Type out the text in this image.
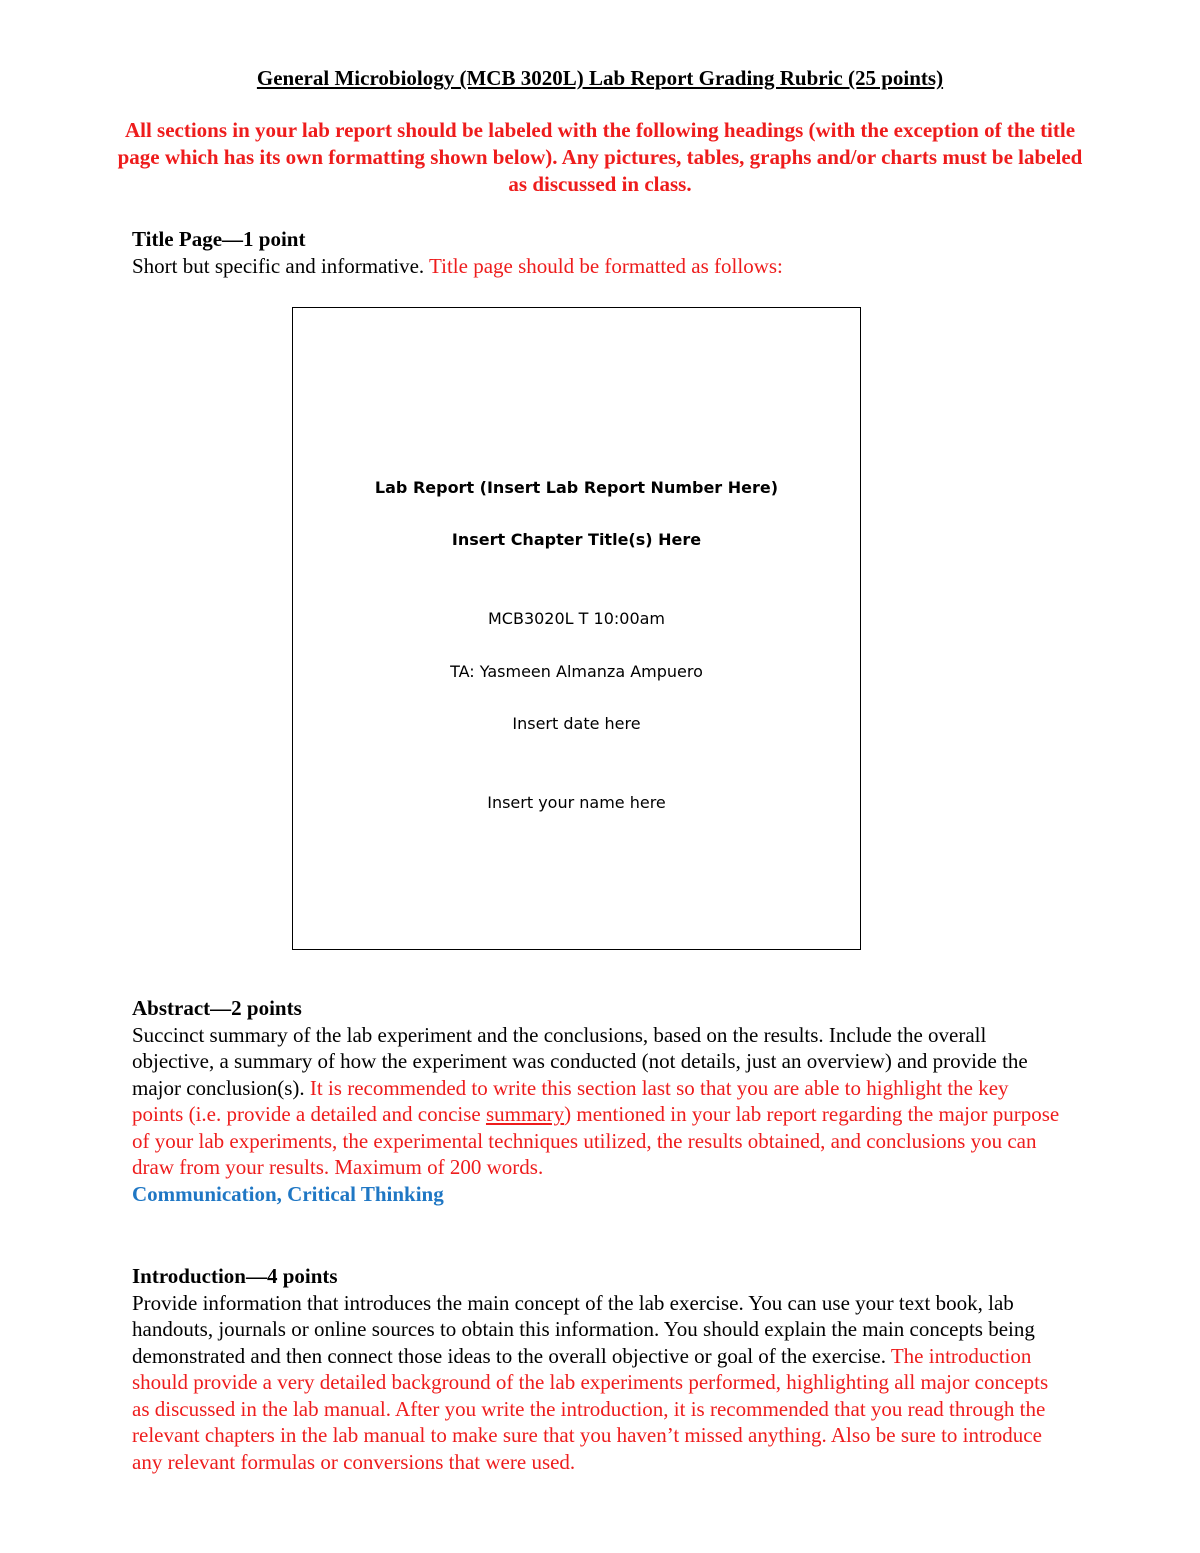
General Microbiology (MCB 3020L) Lab Report Grading Rubric (25 points)
All sections in your lab report should be labeled with the following headings (with the exception of the title page which has its own formatting shown below). Any pictures, tables, graphs and/or charts must be labeled as discussed in class.
Title Page—1 point
Short but specific and informative. Title page should be formatted as follows:
Lab Report (Insert Lab Report Number Here)
Insert Chapter Title(s) Here
MCB3020L T 10:00am
TA: Yasmeen Almanza Ampuero
Insert date here
Insert your name here
Abstract—2 points
Succinct summary of the lab experiment and the conclusions, based on the results. Include the overall objective, a summary of how the experiment was conducted (not details, just an overview) and provide the major conclusion(s). It is recommended to write this section last so that you are able to highlight the key points (i.e. provide a detailed and concise summary) mentioned in your lab report regarding the major purpose of your lab experiments, the experimental techniques utilized, the results obtained, and conclusions you can draw from your results. Maximum of 200 words.
Communication, Critical Thinking
Introduction—4 points
Provide information that introduces the main concept of the lab exercise. You can use your text book, lab handouts, journals or online sources to obtain this information. You should explain the main concepts being demonstrated and then connect those ideas to the overall objective or goal of the exercise. The introduction should provide a very detailed background of the lab experiments performed, highlighting all major concepts as discussed in the lab manual. After you write the introduction, it is recommended that you read through the relevant chapters in the lab manual to make sure that you haven’t missed anything. Also be sure to introduce any relevant formulas or conversions that were used.
